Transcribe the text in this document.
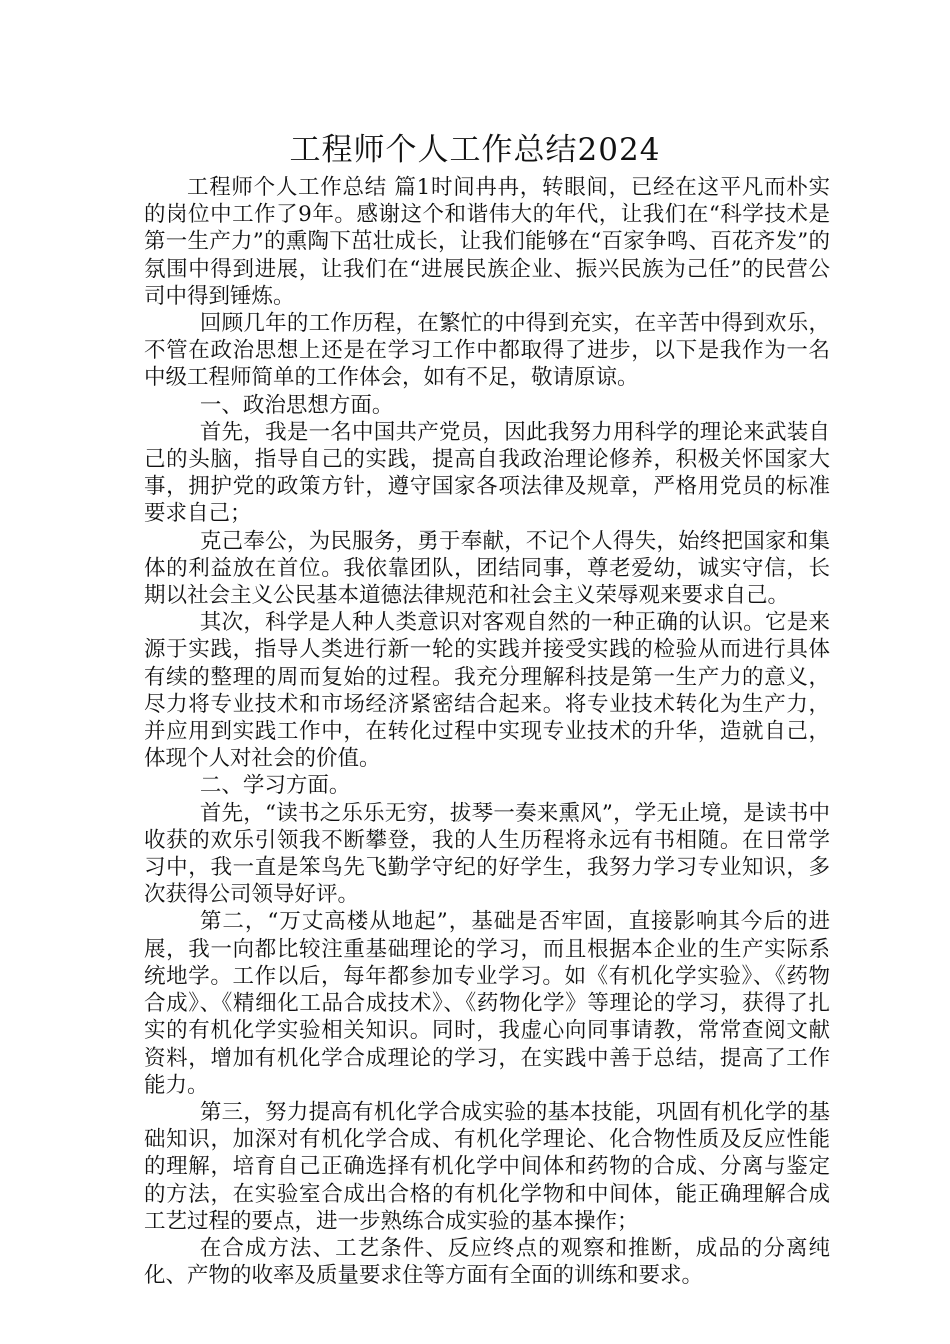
工程师个人工作总结2024

工程师个人工作总结 篇1时间冉冉，转眼间，已经在这平凡而朴实的岗位中工作了9年。感谢这个和谐伟大的年代，让我们在“科学技术是第一生产力”的熏陶下茁壮成长，让我们能够在“百家争鸣、百花齐发”的氛围中得到进展，让我们在“进展民族企业、振兴民族为己任”的民营公司中得到锤炼。

回顾几年的工作历程，在繁忙的中得到充实，在辛苦中得到欢乐，不管在政治思想上还是在学习工作中都取得了进步，以下是我作为一名中级工程师简单的工作体会，如有不足，敬请原谅。

一、政治思想方面。

首先，我是一名中国共产党员，因此我努力用科学的理论来武装自己的头脑，指导自己的实践，提高自我政治理论修养，积极关怀国家大事，拥护党的政策方针，遵守国家各项法律及规章，严格用党员的标准要求自己；

克己奉公，为民服务，勇于奉献，不记个人得失，始终把国家和集体的利益放在首位。我依靠团队，团结同事，尊老爱幼，诚实守信，长期以社会主义公民基本道德法律规范和社会主义荣辱观来要求自己。

其次，科学是人种人类意识对客观自然的一种正确的认识。它是来源于实践，指导人类进行新一轮的实践并接受实践的检验从而进行具体有续的整理的周而复始的过程。我充分理解科技是第一生产力的意义，尽力将专业技术和市场经济紧密结合起来。将专业技术转化为生产力，并应用到实践工作中，在转化过程中实现专业技术的升华，造就自己，体现个人对社会的价值。

二、学习方面。

首先，“读书之乐乐无穷，拔琴一奏来熏风”，学无止境，是读书中收获的欢乐引领我不断攀登，我的人生历程将永远有书相随。在日常学习中，我一直是笨鸟先飞勤学守纪的好学生，我努力学习专业知识，多次获得公司领导好评。

第二，“万丈高楼从地起”，基础是否牢固，直接影响其今后的进展，我一向都比较注重基础理论的学习，而且根据本企业的生产实际系统地学。工作以后，每年都参加专业学习。如《有机化学实验》、《药物合成》、《精细化工品合成技术》、《药物化学》等理论的学习，获得了扎实的有机化学实验相关知识。同时，我虚心向同事请教，常常查阅文献资料，增加有机化学合成理论的学习，在实践中善于总结，提高了工作能力。

第三，努力提高有机化学合成实验的基本技能，巩固有机化学的基础知识，加深对有机化学合成、有机化学理论、化合物性质及反应性能的理解，培育自己正确选择有机化学中间体和药物的合成、分离与鉴定的方法，在实验室合成出合格的有机化学物和中间体，能正确理解合成工艺过程的要点，进一步熟练合成实验的基本操作；

在合成方法、工艺条件、反应终点的观察和推断，成品的分离纯化、产物的收率及质量要求住等方面有全面的训练和要求。
